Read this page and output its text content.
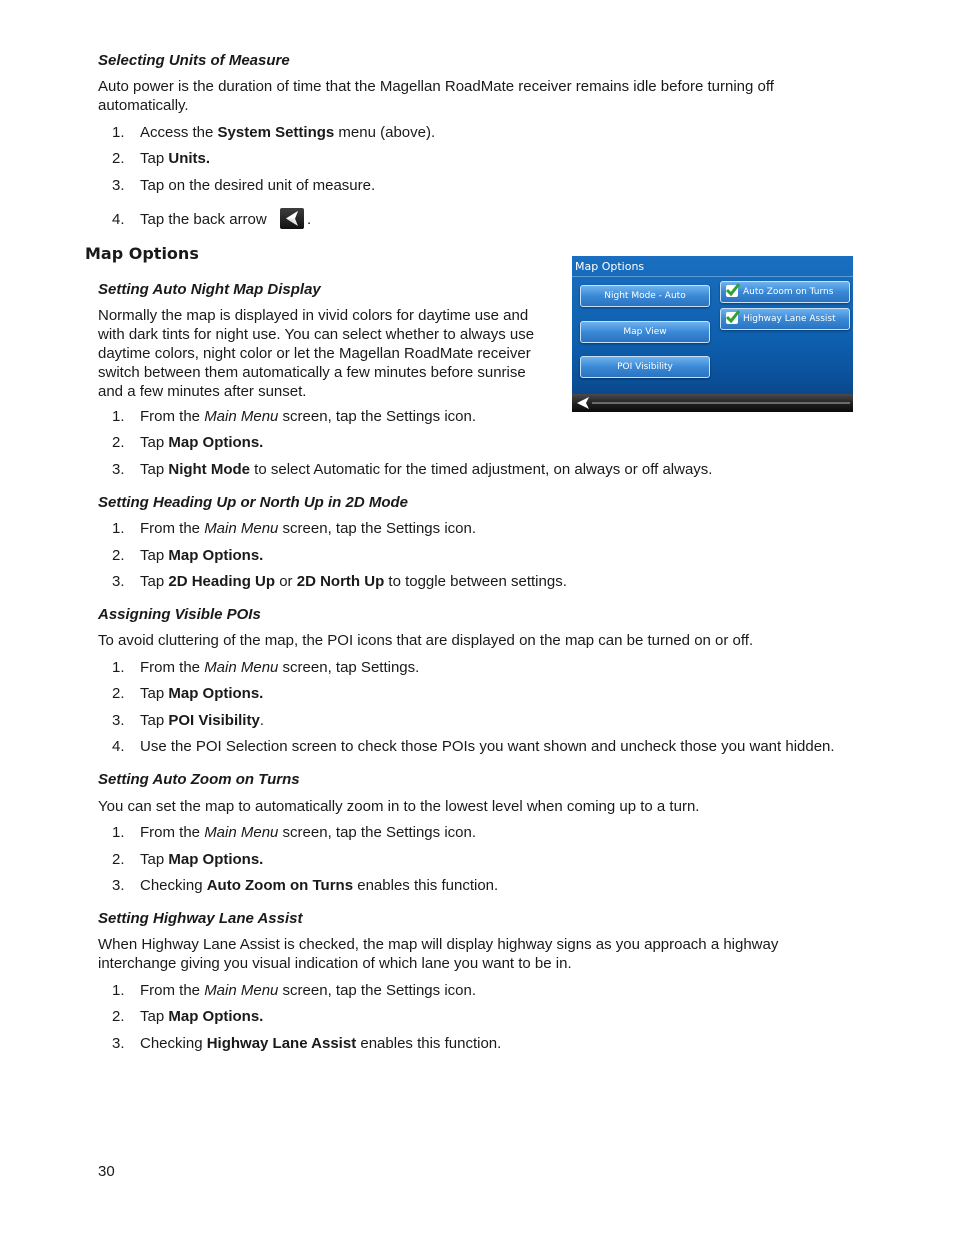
Selecting Units of Measure
Auto power is the duration of time that the Magellan RoadMate receiver remains idle before turning off automatically.
1. Access the System Settings menu (above).
2. Tap Units.
3. Tap on the desired unit of measure.
4. Tap the back arrow	.
Map Options
Map Options
Night Mode - Auto
Map View
POI Visibility
Auto Zoom on Turns
Highway Lane Assist
Setting Auto Night Map Display
Normally the map is displayed in vivid colors for daytime use and
with dark tints for night use. You can select whether to always use
daytime colors, night color or let the Magellan RoadMate receiver
switch between them automatically a few minutes before sunrise
and a few minutes after sunset.
1. From the Main Menu screen, tap the Settings icon.
2. Tap Map Options.
3. Tap Night Mode to select Automatic for the timed adjustment, on always or off always.
Setting Heading Up or North Up in 2D Mode
1. From the Main Menu screen, tap the Settings icon.
2. Tap Map Options.
3. Tap 2D Heading Up or 2D North Up to toggle between settings.
Assigning Visible POIs
To avoid cluttering of the map, the POI icons that are displayed on the map can be turned on or off.
1. From the Main Menu screen, tap Settings.
2. Tap Map Options.
3. Tap POI Visibility.
4. Use the POI Selection screen to check those POIs you want shown and uncheck those you want hidden.
Setting Auto Zoom on Turns
You can set the map to automatically zoom in to the lowest level when coming up to a turn.
1. From the Main Menu screen, tap the Settings icon.
2. Tap Map Options.
3. Checking Auto Zoom on Turns enables this function.
Setting Highway Lane Assist
When Highway Lane Assist is checked, the map will display highway signs as you approach a highway
interchange giving you visual indication of which lane you want to be in.
1. From the Main Menu screen, tap the Settings icon.
2. Tap Map Options.
3. Checking Highway Lane Assist enables this function.
30
